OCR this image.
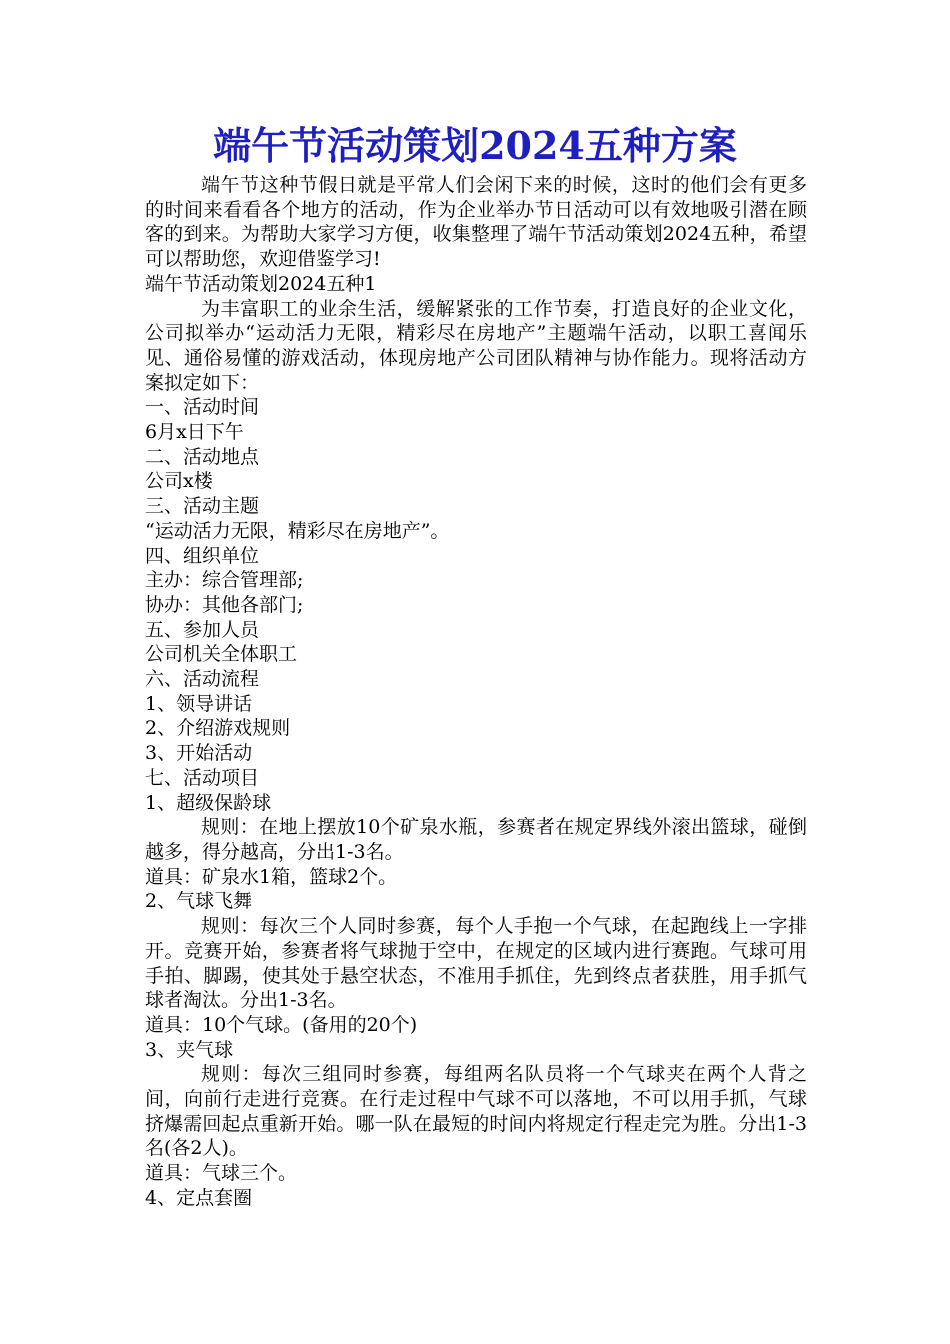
端午节活动策划2024五种方案

端午节这种节假日就是平常人们会闲下来的时候，这时的他们会有更多的时间来看看各个地方的活动，作为企业举办节日活动可以有效地吸引潜在顾客的到来。为帮助大家学习方便，收集整理了端午节活动策划2024五种，希望可以帮助您，欢迎借鉴学习!

端午节活动策划2024五种1

为丰富职工的业余生活，缓解紧张的工作节奏，打造良好的企业文化，公司拟举办“运动活力无限，精彩尽在房地产”主题端午活动，以职工喜闻乐见、通俗易懂的游戏活动，体现房地产公司团队精神与协作能力。现将活动方案拟定如下：

一、活动时间

6月x日下午

二、活动地点

公司x楼

三、活动主题

“运动活力无限，精彩尽在房地产”。

四、组织单位

主办：综合管理部;

协办：其他各部门;

五、参加人员

公司机关全体职工

六、活动流程

1、领导讲话

2、介绍游戏规则

3、开始活动

七、活动项目

1、超级保龄球

规则：在地上摆放10个矿泉水瓶，参赛者在规定界线外滚出篮球，碰倒越多，得分越高，分出1-3名。

道具：矿泉水1箱，篮球2个。

2、气球飞舞

规则：每次三个人同时参赛，每个人手抱一个气球，在起跑线上一字排开。竞赛开始，参赛者将气球抛于空中，在规定的区域内进行赛跑。气球可用手拍、脚踢，使其处于悬空状态，不准用手抓住，先到终点者获胜，用手抓气球者淘汰。分出1-3名。

道具：10个气球。(备用的20个)

3、夹气球

规则：每次三组同时参赛，每组两名队员将一个气球夹在两个人背之间，向前行走进行竞赛。在行走过程中气球不可以落地，不可以用手抓，气球挤爆需回起点重新开始。哪一队在最短的时间内将规定行程走完为胜。分出1-3名(各2人)。

道具：气球三个。

4、定点套圈
